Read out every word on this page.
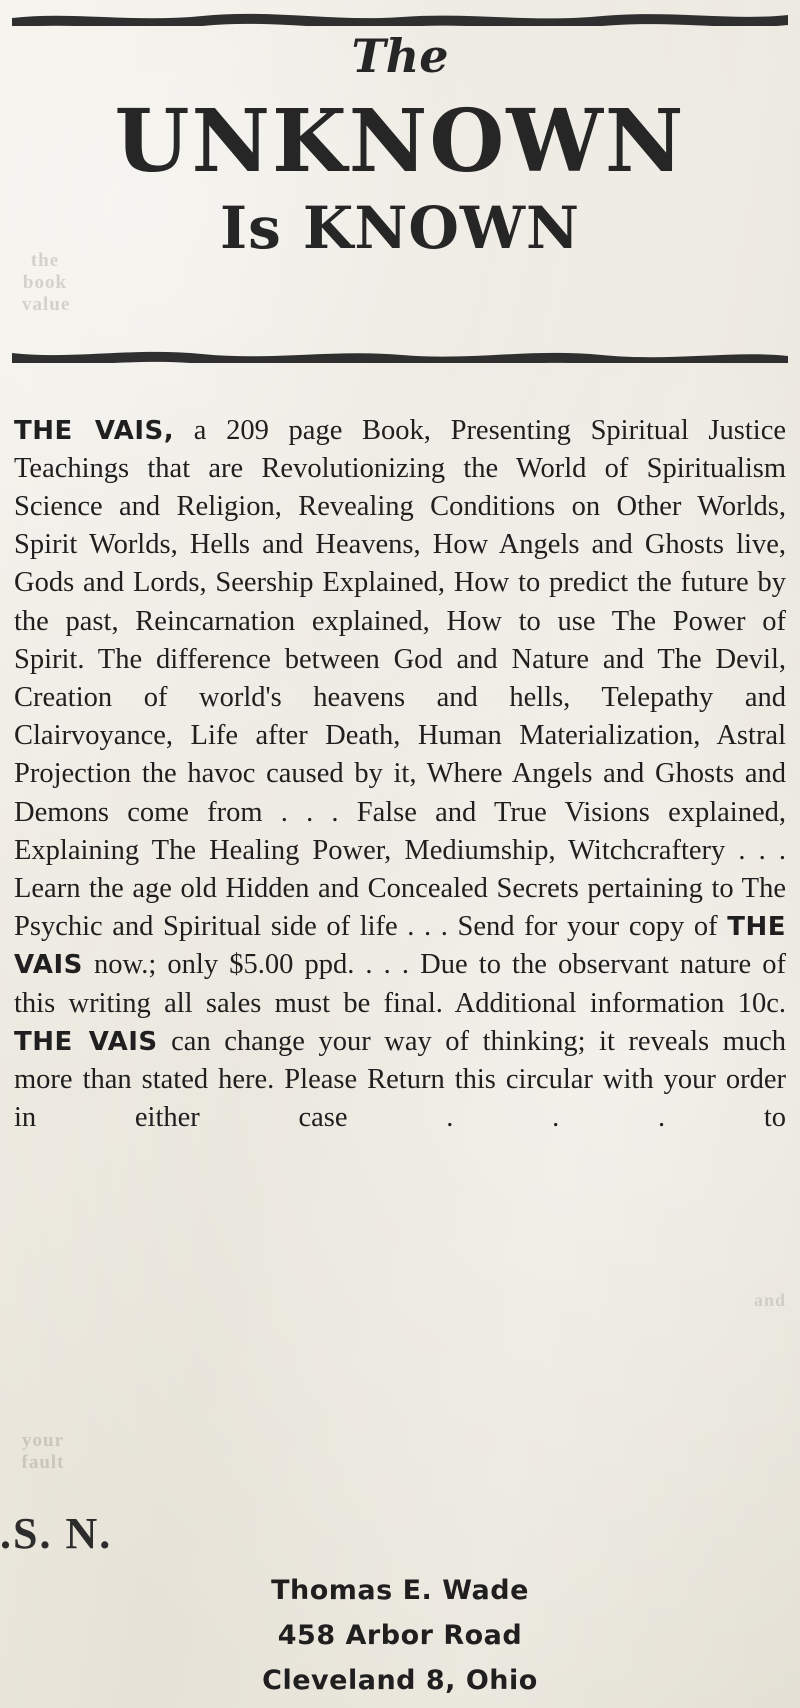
the book value
your fault
and
.S. N.
The
UNKNOWN
Is KNOWN

THE VAIS, a 209 page Book, Presenting Spiritual Justice Teachings that are Revolutionizing the World of Spiritualism Science and Religion, Revealing Conditions on Other Worlds, Spirit Worlds, Hells and Heavens, How Angels and Ghosts live, Gods and Lords, Seership Explained, How to predict the future by the past, Reincarnation explained, How to use The Power of Spirit. The difference between God and Nature and The Devil, Creation of world's heavens and hells, Telepathy and Clairvoyance, Life after Death, Human Materialization, Astral Projection the havoc caused by it, Where Angels and Ghosts and Demons come from . . . False and True Visions explained, Explaining The Healing Power, Mediumship, Witchcraftery . . . Learn the age old Hidden and Concealed Secrets pertaining to The Psychic and Spiritual side of life . . . Send for your copy of THE VAIS now.; only $5.00 ppd. . . . Due to the observant nature of this writing all sales must be final. Additional information 10c. THE VAIS can change your way of thinking; it reveals much more than stated here. Please Return this circular with your order in either case . . . to

Thomas E. Wade
458 Arbor Road
Cleveland 8, Ohio
